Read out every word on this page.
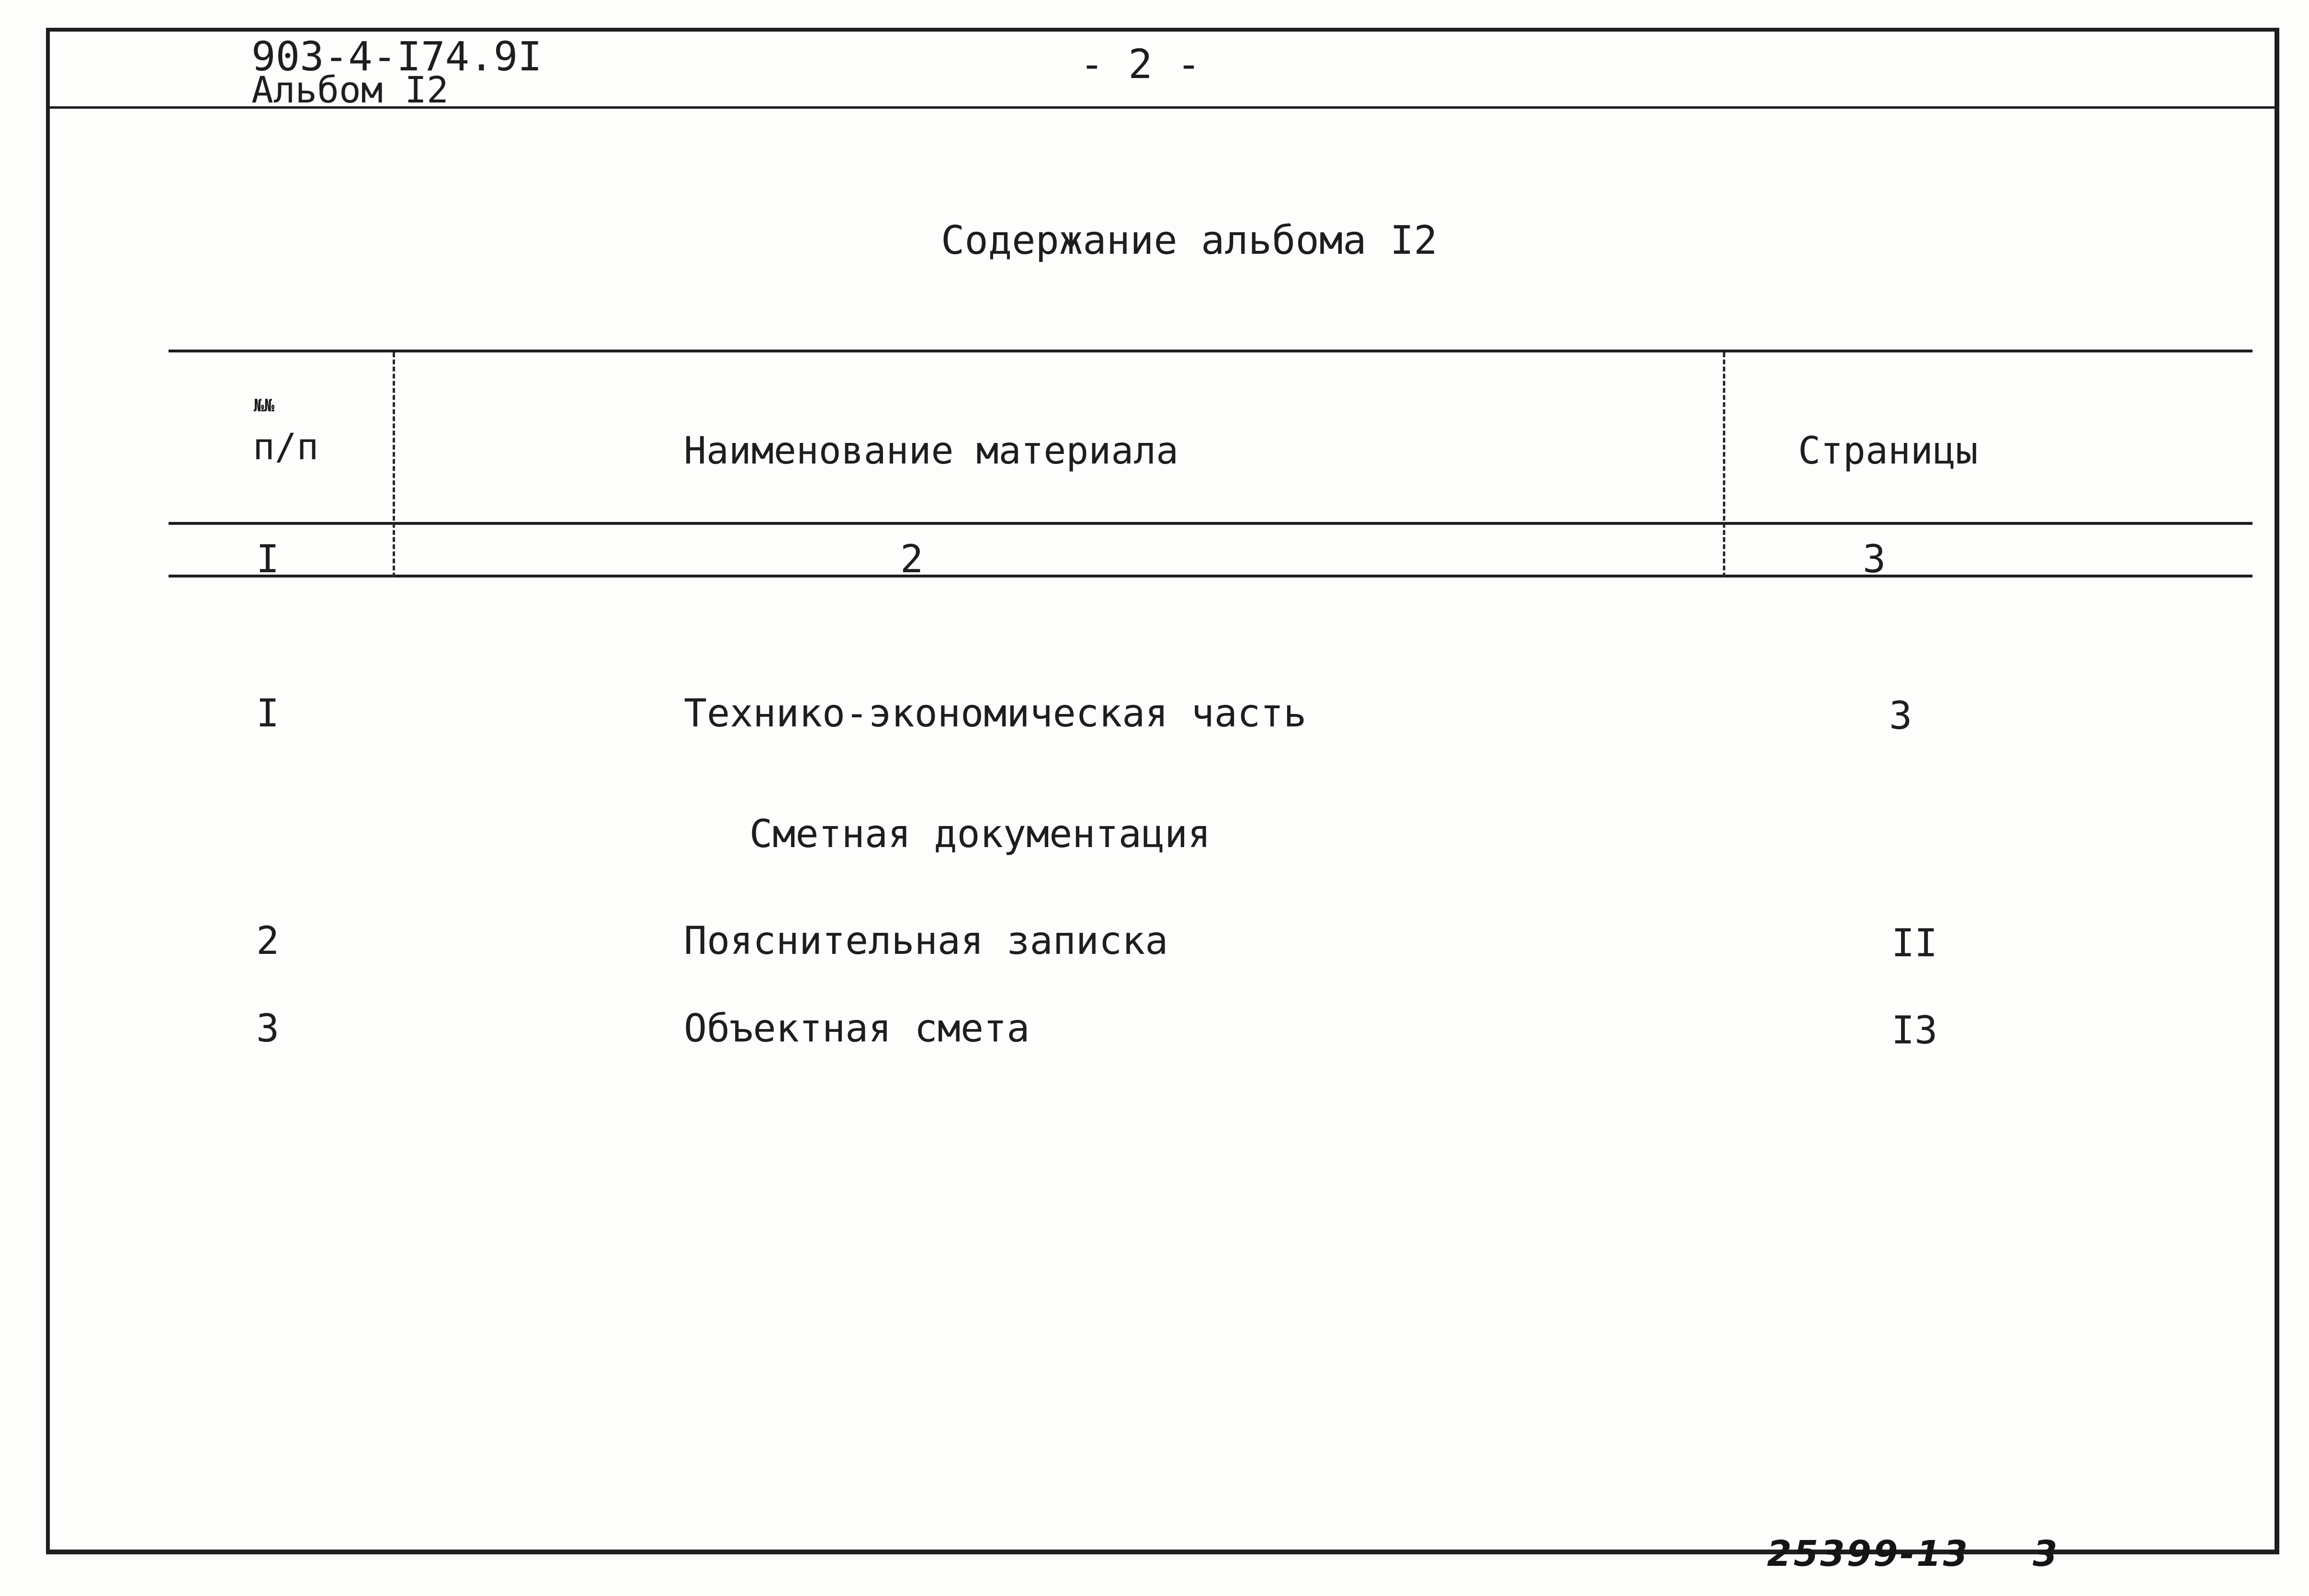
903-4-I74.9I
Альбом I2
- 2 -
Содержание альбома I2
№№
п/п	Наименование материала	Страницы
I	2	3
I	Технико-экономическая часть	3
Сметная документация
2	Пояснительная записка	II
3	Объектная смета	I3
25399-13 3
